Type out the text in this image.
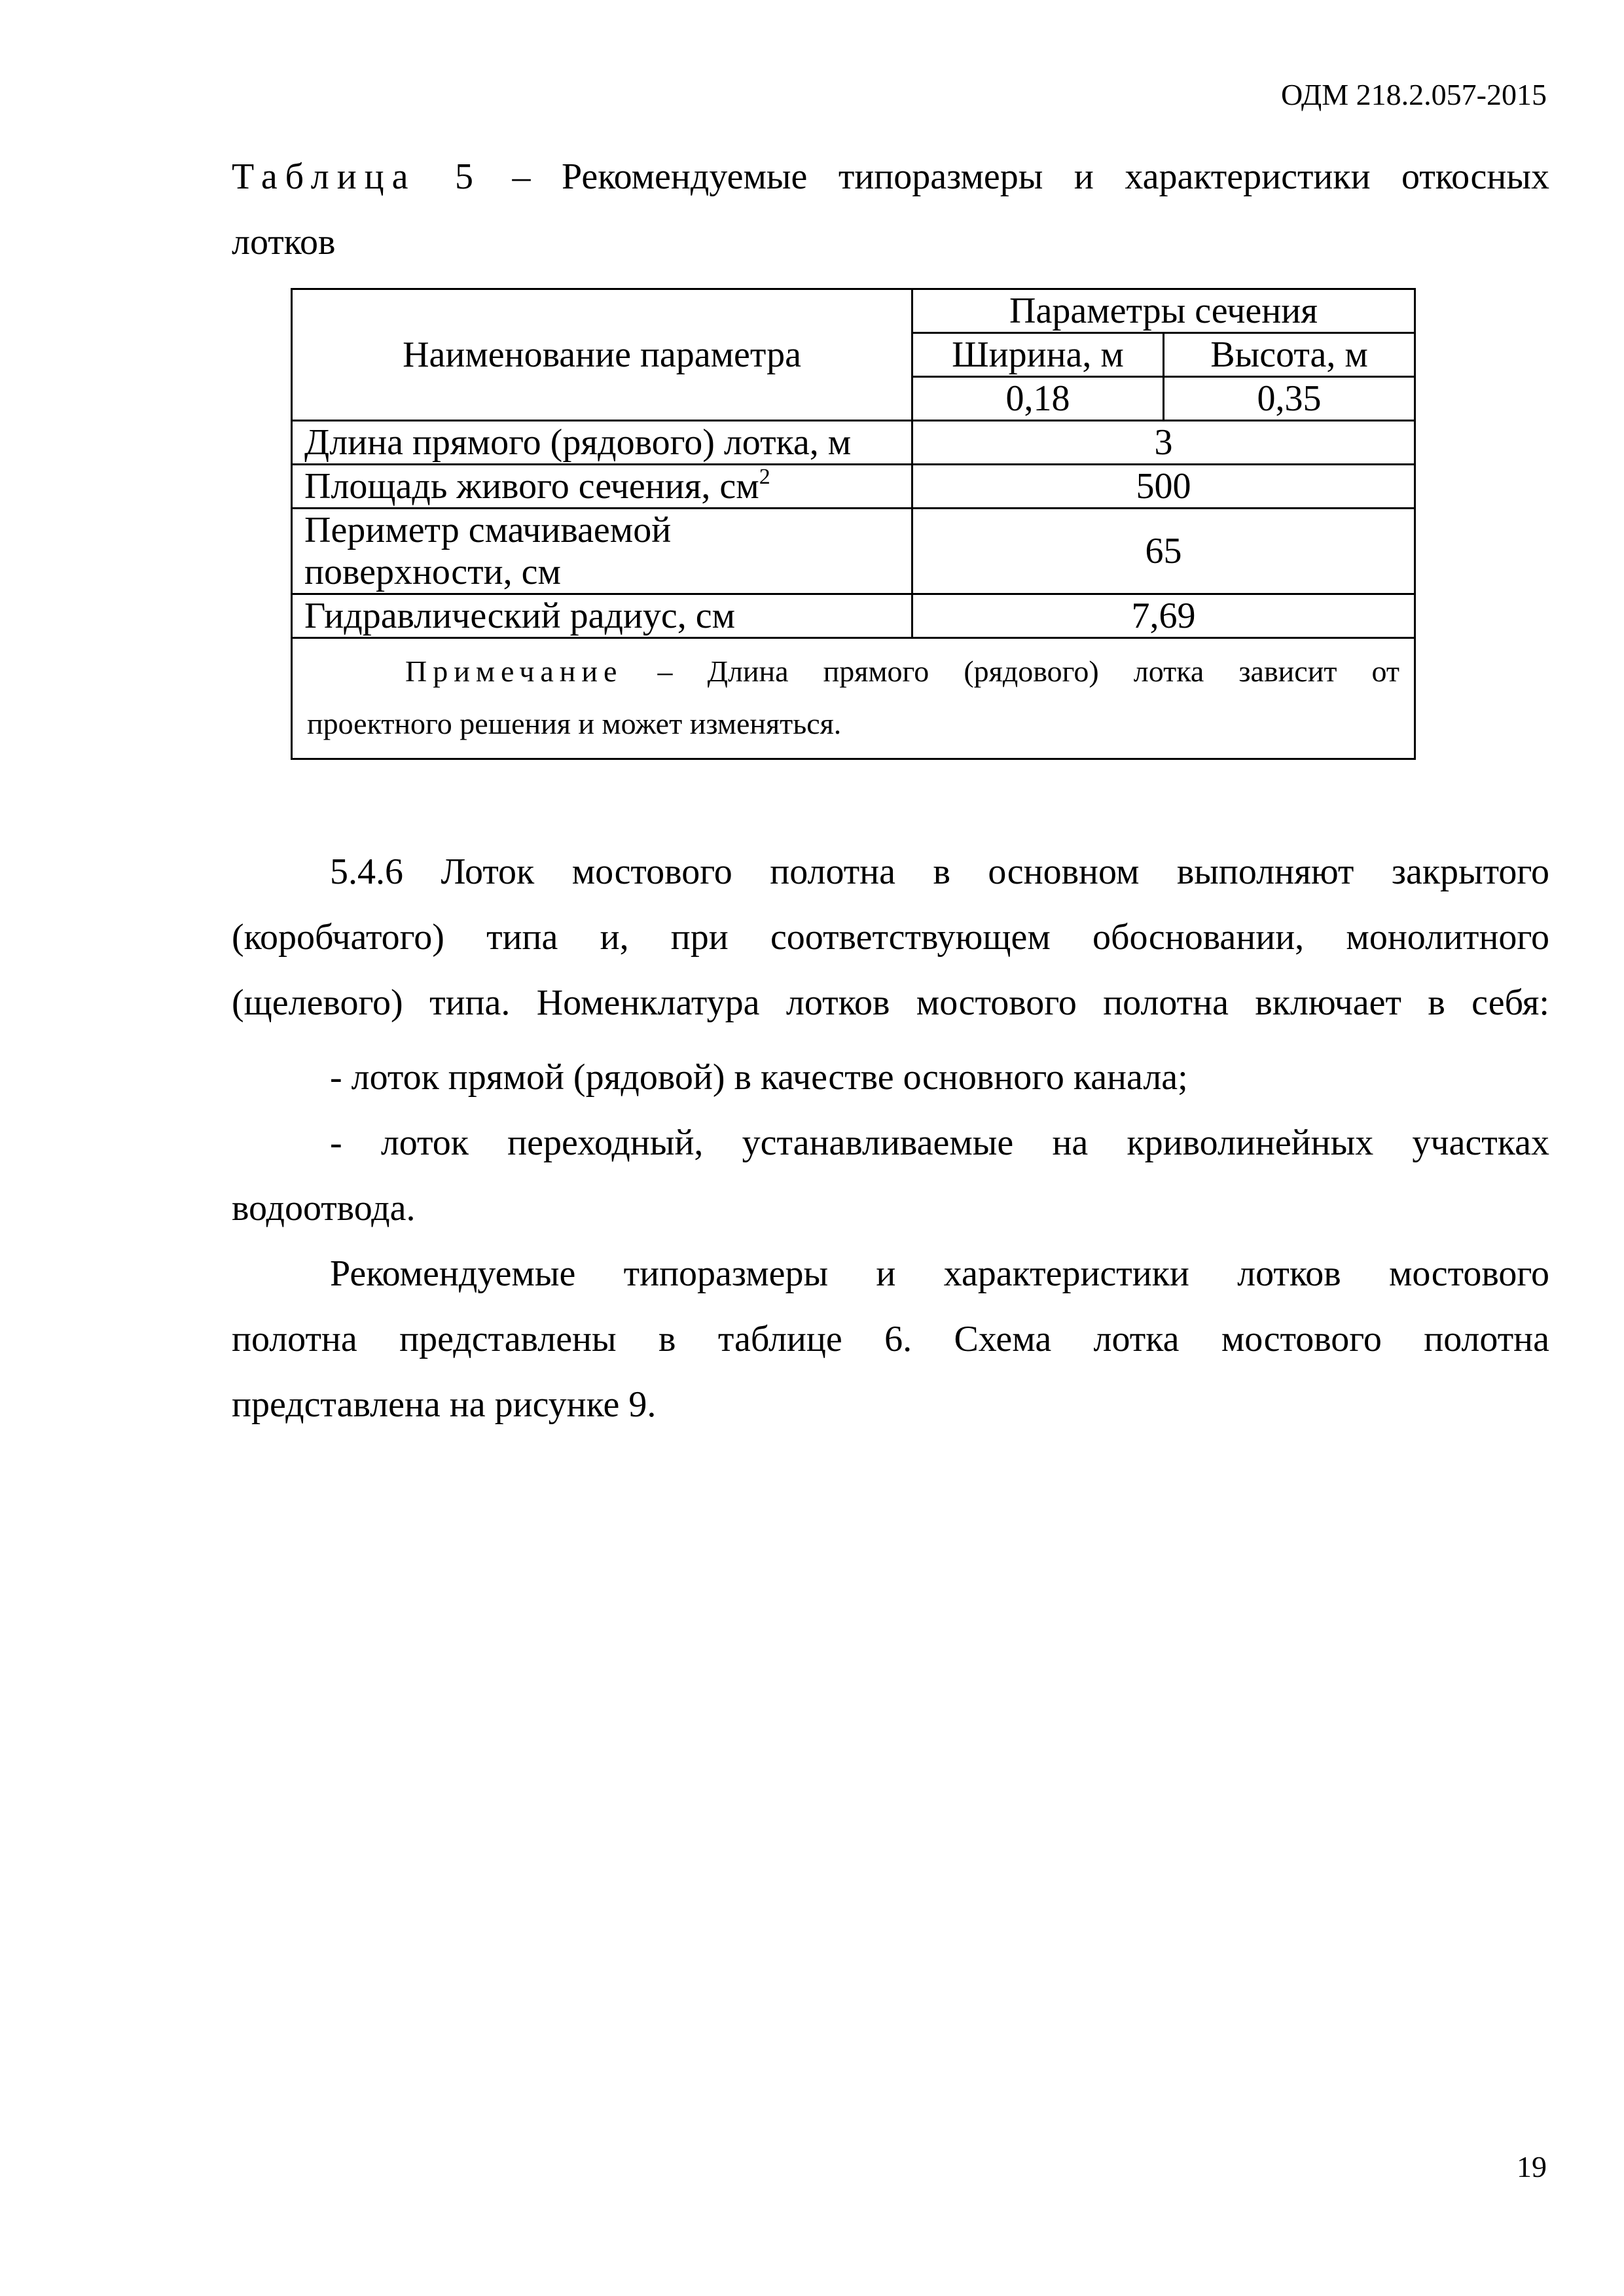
ОДМ 218.2.057-2015
Таблица 5 – Рекомендуемые типоразмеры и характеристики откосных
лотков
Наименование параметра	Параметры сечения	
	Ширина, м	Высота, м
	0,18	0,35
Длина прямого (рядового) лотка, м	3	
Площадь живого сечения, $см^2$	500	

Периметр смачиваемой
поверхности, см	65	
Гидравлический радиус, см	7,69	

Примечание – Длина прямого (рядового) лотка зависит от
проектного решения и может изменяться.		
5.4.6 Лоток мостового полотна в основном выполняют закрытого
(коробчатого) типа и, при соответствующем обосновании, монолитного
(щелевого) типа. Номенклатура лотков мостового полотна включает в себя:
- лоток прямой (рядовой) в качестве основного канала;
- лоток переходный, устанавливаемые на криволинейных участках
водоотвода.
Рекомендуемые типоразмеры и характеристики лотков мостового
полотна представлены в таблице 6. Схема лотка мостового полотна
представлена на рисунке 9.
19
